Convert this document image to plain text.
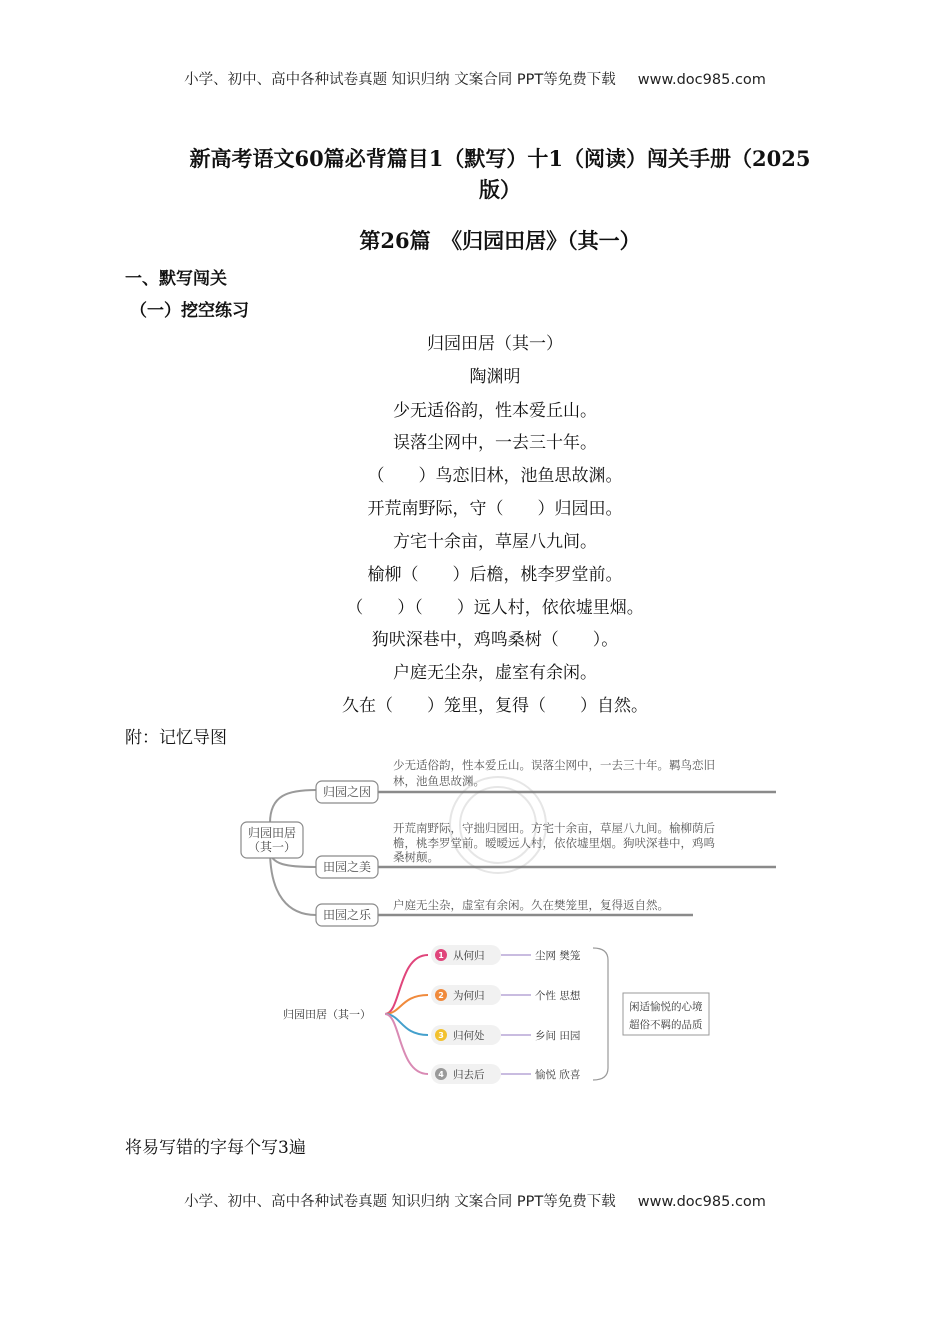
小学、初中、高中各种试卷真题 知识归纳 文案合同 PPT等免费下载 www.doc985.com
新高考语文60篇必背篇目1（默写）十1（阅读）闯关手册（2025
版）
第26篇　《归园田居》（其一）
一、默写闯关
（一）挖空练习
归园田居（其一）
陶渊明
少无适俗韵，性本爱丘山。
误落尘网中，一去三十年。
（　　）鸟恋旧林，池鱼思故渊。
开荒南野际，守（　　）归园田。
方宅十余亩，草屋八九间。
榆柳（　　）后檐，桃李罗堂前。
（　　）（　　）远人村，依依墟里烟。
狗吠深巷中，鸡鸣桑树（　　）。
户庭无尘杂，虚室有余闲。
久在（　　）笼里，复得（　　）自然。
附：记忆导图
归园田居
（其一）
归园之因
田园之美
田园之乐
少无适俗韵，性本爱丘山。误落尘网中，一去三十年。羁鸟恋旧
林，池鱼思故渊。
开荒南野际，守拙归园田。方宅十余亩，草屋八九间。榆柳荫后
檐，桃李罗堂前。暧暧远人村，依依墟里烟。狗吠深巷中，鸡鸣
桑树颠。
户庭无尘杂，虚室有余闲。久在樊笼里，复得返自然。
归园田居（其一）
1
2
3
4
从何归
为何归
归何处
归去后
尘网 樊笼
个性 思想
乡间 田园
愉悦 欣喜
闲适愉悦的心境
超俗不羁的品质
将易写错的字每个写3遍
小学、初中、高中各种试卷真题 知识归纳 文案合同 PPT等免费下载 www.doc985.com
